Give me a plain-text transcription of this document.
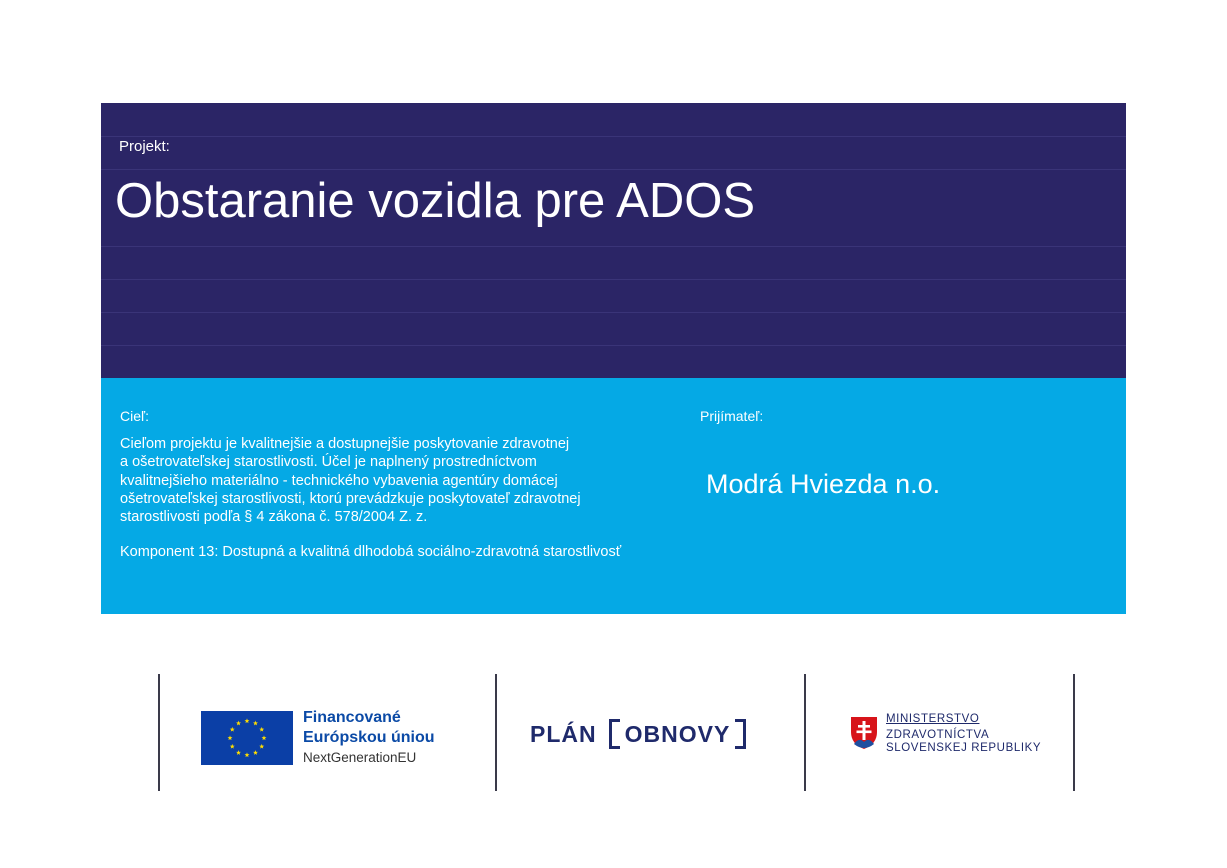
Projekt:
Obstaranie vozidla pre ADOS
Cieľ:
Cieľom projektu je kvalitnejšie a dostupnejšie poskytovanie zdravotnej
a ošetrovateľskej starostlivosti. Účel je naplnený prostredníctvom
kvalitnejšieho materiálno - technického vybavenia agentúry domácej
ošetrovateľskej starostlivosti, ktorú prevádzkuje poskytovateľ zdravotnej
starostlivosti podľa § 4 zákona č. 578/2004 Z. z.
Komponent 13: Dostupná a kvalitná dlhodobá sociálno-zdravotná starostlivosť
Prijímateľ:
Modrá Hviezda n.o.
Financované
Európskou úniou
NextGenerationEU
PLÁN OBNOVY
MINISTERSTVO
ZDRAVOTNÍCTVA
SLOVENSKEJ REPUBLIKY
